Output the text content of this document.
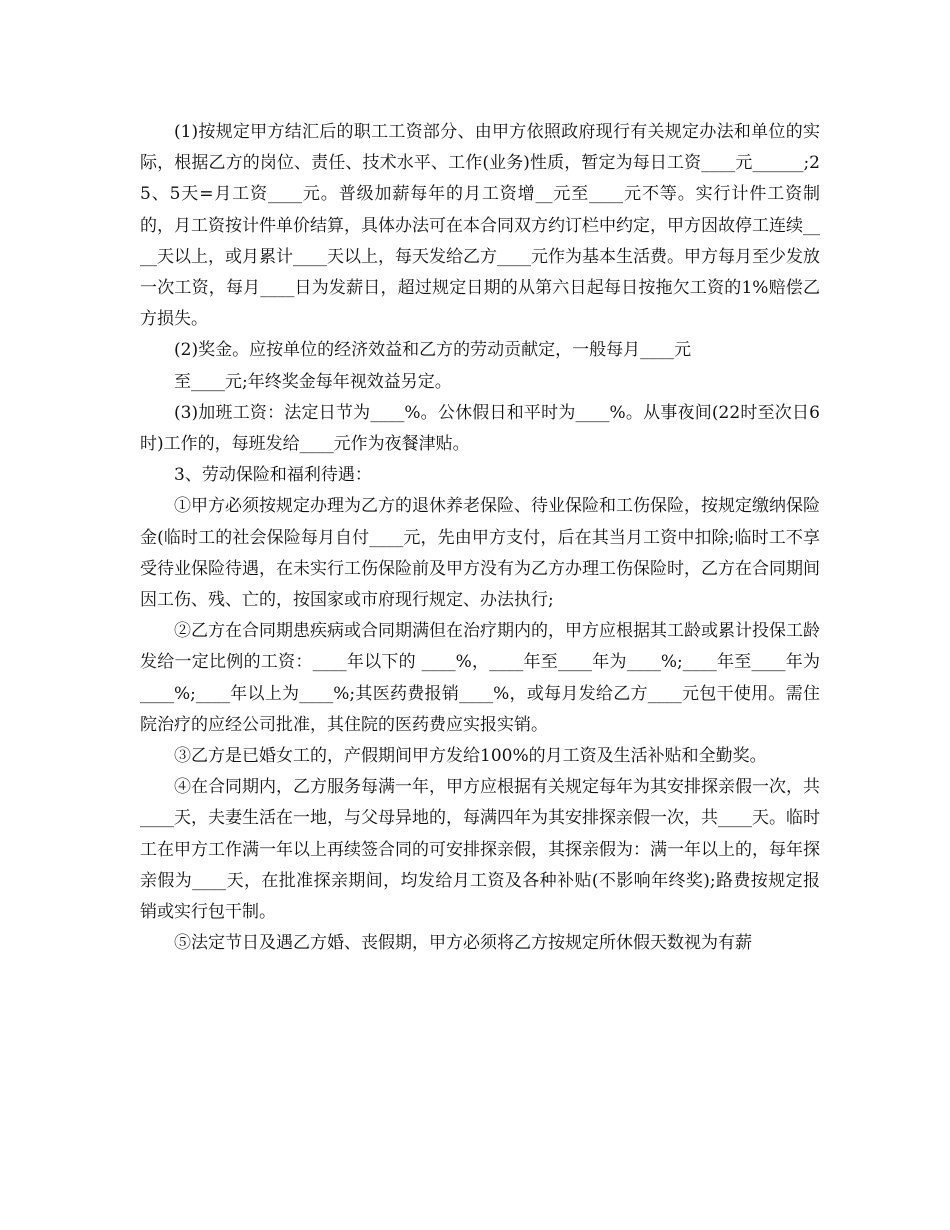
(1)按规定甲方结汇后的职工工资部分、由甲方依照政府现行有关规定办法和单位的实际，根据乙方的岗位、责任、技术水平、工作(业务)性质，暂定为每日工资____元______;25、5天=月工资____元。普级加薪每年的月工资增__元至____元不等。实行计件工资制的，月工资按计件单价结算，具体办法可在本合同双方约订栏中约定，甲方因故停工连续____天以上，或月累计____天以上，每天发给乙方____元作为基本生活费。甲方每月至少发放一次工资，每月____日为发薪日，超过规定日期的从第六日起每日按拖欠工资的1%赔偿乙方损失。

(2)奖金。应按单位的经济效益和乙方的劳动贡献定，一般每月____元
至____元;年终奖金每年视效益另定。

(3)加班工资：法定日节为____%。公休假日和平时为____%。从事夜间(22时至次日6时)工作的，每班发给____元作为夜餐津贴。

3、劳动保险和福利待遇：

①甲方必须按规定办理为乙方的退休养老保险、待业保险和工伤保险，按规定缴纳保险金(临时工的社会保险每月自付____元，先由甲方支付，后在其当月工资中扣除;临时工不享受待业保险待遇，在未实行工伤保险前及甲方没有为乙方办理工伤保险时，乙方在合同期间因工伤、残、亡的，按国家或市府现行规定、办法执行;

②乙方在合同期患疾病或合同期满但在治疗期内的，甲方应根据其工龄或累计投保工龄发给一定比例的工资：____年以下的 ____%，____年至____年为____%;____年至____年为____%;____年以上为____%;其医药费报销____%，或每月发给乙方____元包干使用。需住院治疗的应经公司批准，其住院的医药费应实报实销。

③乙方是已婚女工的，产假期间甲方发给100%的月工资及生活补贴和全勤奖。

④在合同期内，乙方服务每满一年，甲方应根据有关规定每年为其安排探亲假一次，共____天，夫妻生活在一地，与父母异地的，每满四年为其安排探亲假一次，共____天。临时工在甲方工作满一年以上再续签合同的可安排探亲假，其探亲假为：满一年以上的，每年探亲假为____天，在批准探亲期间，均发给月工资及各种补贴(不影响年终奖);路费按规定报销或实行包干制。

⑤法定节日及遇乙方婚、丧假期，甲方必须将乙方按规定所休假天数视为有薪
